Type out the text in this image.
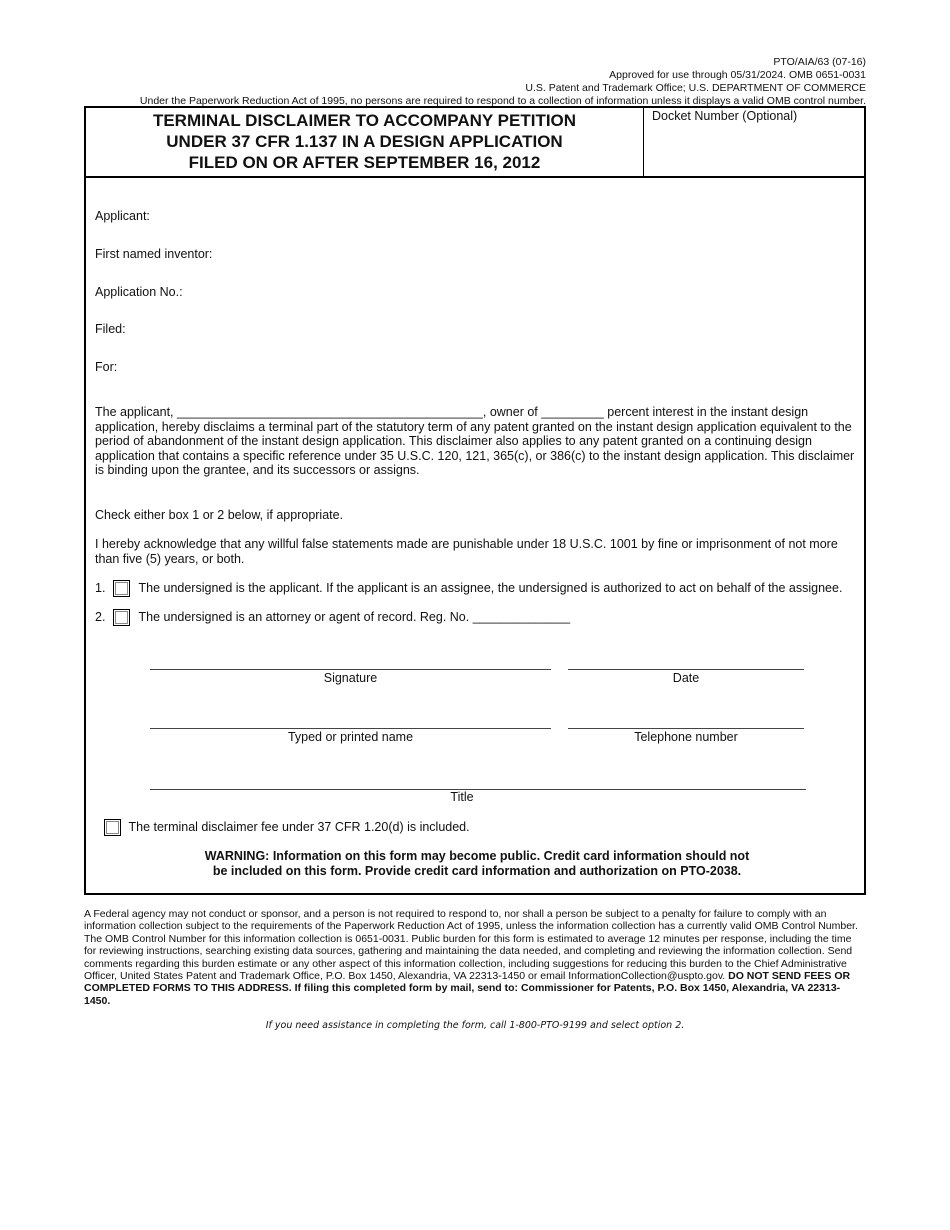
PTO/AIA/63 (07-16)
Approved for use through 05/31/2024. OMB 0651-0031
U.S. Patent and Trademark Office; U.S. DEPARTMENT OF COMMERCE
Under the Paperwork Reduction Act of 1995, no persons are required to respond to a collection of information unless it displays a valid OMB control number.
TERMINAL DISCLAIMER TO ACCOMPANY PETITION
UNDER 37 CFR 1.137 IN A DESIGN APPLICATION
FILED ON OR AFTER SEPTEMBER 16, 2012
Docket Number (Optional)
Applicant:
First named inventor:
Application No.:
Filed:
For:
The applicant, ____________________________________________, owner of _________ percent interest in the instant design application, hereby disclaims a terminal part of the statutory term of any patent granted on the instant design application equivalent to the period of abandonment of the instant design application. This disclaimer also applies to any patent granted on a continuing design application that contains a specific reference under 35 U.S.C. 120, 121, 365(c), or 386(c) to the instant design application. This disclaimer is binding upon the grantee, and its successors or assigns.
Check either box 1 or 2 below, if appropriate.
I hereby acknowledge that any willful false statements made are punishable under 18 U.S.C. 1001 by fine or imprisonment of not more than five (5) years, or both.
1.	The undersigned is the applicant. If the applicant is an assignee, the undersigned is authorized to act on behalf of the assignee.
2.	The undersigned is an attorney or agent of record. Reg. No. ______________
Signature	Date
Typed or printed name	Telephone number
Title
The terminal disclaimer fee under 37 CFR 1.20(d) is included.
WARNING: Information on this form may become public. Credit card information should not
be included on this form. Provide credit card information and authorization on PTO-2038.
A Federal agency may not conduct or sponsor, and a person is not required to respond to, nor shall a person be subject to a penalty for failure to comply with an information collection subject to the requirements of the Paperwork Reduction Act of 1995, unless the information collection has a currently valid OMB Control Number. The OMB Control Number for this information collection is 0651-0031. Public burden for this form is estimated to average 12 minutes per response, including the time for reviewing instructions, searching existing data sources, gathering and maintaining the data needed, and completing and reviewing the information collection. Send comments regarding this burden estimate or any other aspect of this information collection, including suggestions for reducing this burden to the Chief Administrative Officer, United States Patent and Trademark Office, P.O. Box 1450, Alexandria, VA 22313-1450 or email InformationCollection@uspto.gov. DO NOT SEND FEES OR COMPLETED FORMS TO THIS ADDRESS. If filing this completed form by mail, send to: Commissioner for Patents, P.O. Box 1450, Alexandria, VA 22313-1450.
If you need assistance in completing the form, call 1-800-PTO-9199 and select option 2.
